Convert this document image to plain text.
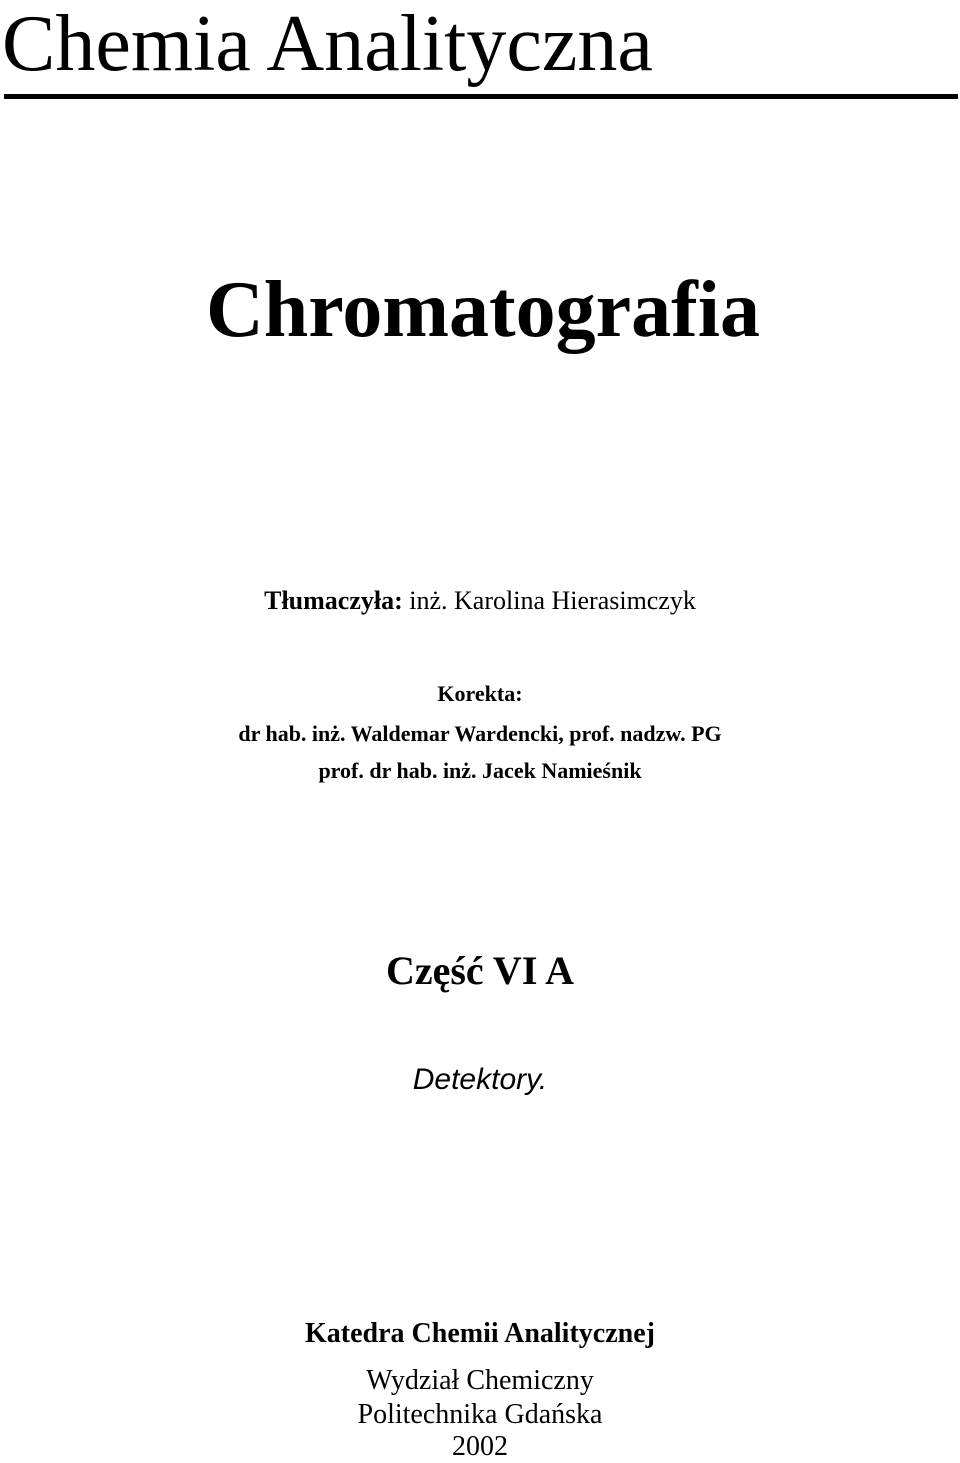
Chemia Analityczna
Chromatografia
Tłumaczyła: inż. Karolina Hierasimczyk
Korekta:
dr hab. inż. Waldemar Wardencki, prof. nadzw. PG
prof. dr hab. inż. Jacek Namieśnik
Część VI A
Detektory.
Katedra Chemii Analitycznej
Wydział Chemiczny
Politechnika Gdańska
2002
